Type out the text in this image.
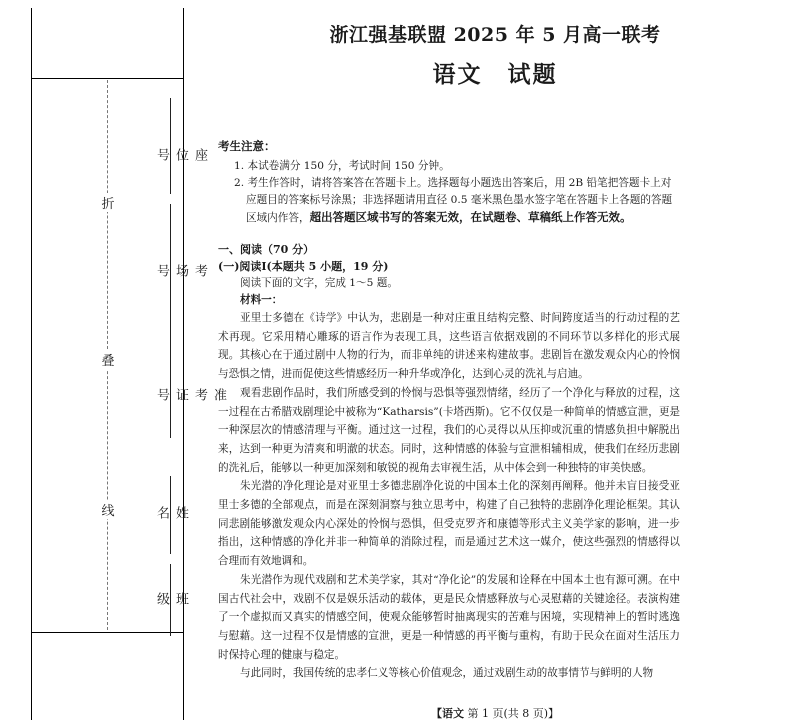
折
叠
线
座位号
考场号
准考证号
姓名
班级
浙江强基联盟 2025 年 5 月高一联考
语文　试题
考生注意：
1. 本试卷满分 150 分，考试时间 150 分钟。
2. 考生作答时，请将答案答在答题卡上。选择题每小题选出答案后，用 2B 铅笔把答题卡上对应题目的答案标号涂黑；非选择题请用直径 0.5 毫米黑色墨水签字笔在答题卡上各题的答题区域内作答，超出答题区域书写的答案无效，在试题卷、草稿纸上作答无效。
一、阅读（70 分）
(一)阅读Ⅰ(本题共 5 小题，19 分)
阅读下面的文字，完成 1～5 题。
材料一：

亚里士多德在《诗学》中认为，悲剧是一种对庄重且结构完整、时间跨度适当的行动过程的艺术再现。它采用精心雕琢的语言作为表现工具，这些语言依据戏剧的不同环节以多样化的形式展现。其核心在于通过剧中人物的行为，而非单纯的讲述来构建故事。悲剧旨在激发观众内心的怜悯与恐惧之情，进而促使这些情感经历一种升华或净化，达到心灵的洗礼与启迪。

观看悲剧作品时，我们所感受到的怜悯与恐惧等强烈情绪，经历了一个净化与释放的过程，这一过程在古希腊戏剧理论中被称为“Katharsis”(卡塔西斯)。它不仅仅是一种简单的情感宣泄，更是一种深层次的情感清理与平衡。通过这一过程，我们的心灵得以从压抑或沉重的情感负担中解脱出来，达到一种更为清爽和明澈的状态。同时，这种情感的体验与宣泄相辅相成，使我们在经历悲剧的洗礼后，能够以一种更加深刻和敏锐的视角去审视生活，从中体会到一种独特的审美快感。

朱光潜的净化理论是对亚里士多德悲剧净化说的中国本土化的深刻再阐释。他并未盲目接受亚里士多德的全部观点，而是在深刻洞察与独立思考中，构建了自己独特的悲剧净化理论框架。其认同悲剧能够激发观众内心深处的怜悯与恐惧，但受克罗齐和康德等形式主义美学家的影响，进一步指出，这种情感的净化并非一种简单的消除过程，而是通过艺术这一媒介，使这些强烈的情感得以合理而有效地调和。

朱光潜作为现代戏剧和艺术美学家，其对“净化论”的发展和诠释在中国本土也有源可溯。在中国古代社会中，戏剧不仅是娱乐活动的载体，更是民众情感释放与心灵慰藉的关键途径。表演构建了一个虚拟而又真实的情感空间，使观众能够暂时抽离现实的苦难与困境，实现精神上的暂时逃逸与慰藉。这一过程不仅是情感的宣泄，更是一种情感的再平衡与重构，有助于民众在面对生活压力时保持心理的健康与稳定。

与此同时，我国传统的忠孝仁义等核心价值观念，通过戏剧生动的故事情节与鲜明的人物

【语文 第 1 页(共 8 页)】
